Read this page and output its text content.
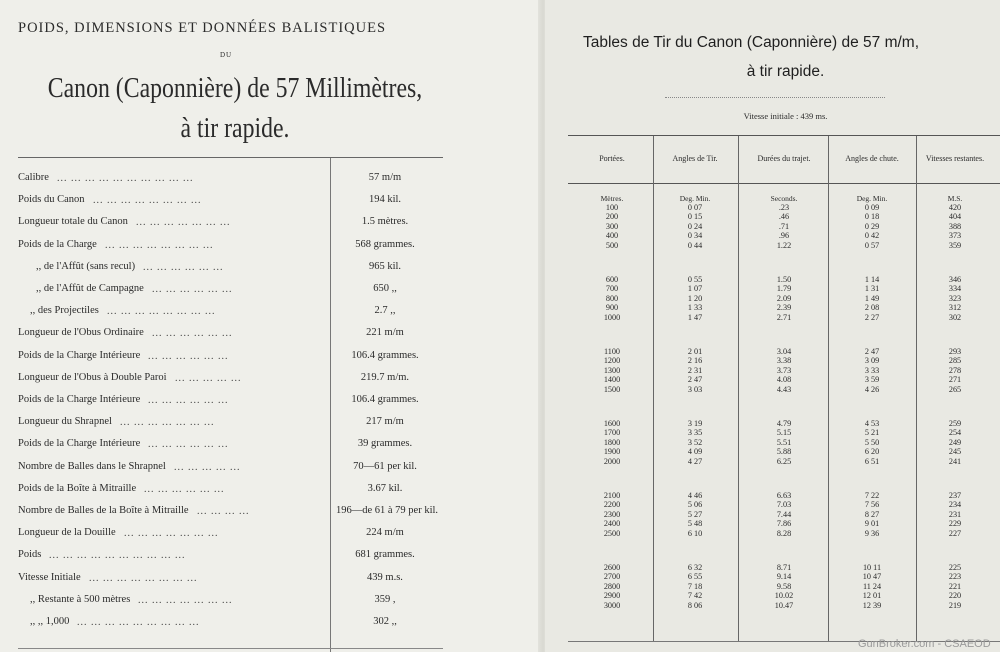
POIDS, DIMENSIONS ET DONNÉES BALISTIQUES
DU
Canon (Caponnière) de 57 Millimètres,
à tir rapide.
Calibre ... ... ... ... ... ... ... ... ... ...	57 m/m
Poids du Canon ... ... ... ... ... ... ... ...	194 kil.
Longueur totale du Canon ... ... ... ... ... ... ...	1.5 mètres.
Poids de la Charge ... ... ... ... ... ... ... ...	568 grammes.
,, de l'Affût (sans recul) ... ... ... ... ... ...	965 kil.
,, de l'Affût de Campagne ... ... ... ... ... ...	650 ,,
,, des Projectiles ... ... ... ... ... ... ... ...	2.7 ,,
Longueur de l'Obus Ordinaire ... ... ... ... ... ...	221 m/m
Poids de la Charge Intérieure ... ... ... ... ... ...	106.4 grammes.
Longueur de l'Obus à Double Paroi ... ... ... ... ...	219.7 m/m.
Poids de la Charge Intérieure ... ... ... ... ... ...	106.4 grammes.
Longueur du Shrapnel ... ... ... ... ... ... ...	217 m/m
Poids de la Charge Intérieure ... ... ... ... ... ...	39 grammes.
Nombre de Balles dans le Shrapnel ... ... ... ... ...	70—61 per kil.
Poids de la Boîte à Mitraille ... ... ... ... ... ...	3.67 kil.
Nombre de Balles de la Boîte à Mitraille ... ... ... ...	196—de 61 à 79 per kil.
Longueur de la Douille ... ... ... ... ... ... ...	224 m/m
Poids ... ... ... ... ... ... ... ... ... ...	681 grammes.
Vitesse Initiale ... ... ... ... ... ... ... ...	439 m.s.
,, Restante à 500 mètres ... ... ... ... ... ... ...	359 ,
,, ,, 1,000 ... ... ... ... ... ... ... ... ...	302 ,,
Tables de Tir du Canon (Caponnière) de 57 m/m,
à tir rapide.
Vitesse initiale : 439 ms.
Portées.	Angles de Tir.	Durées du trajet.	Angles de chute.	Vitesses restantes.
Mètres.	Deg. Min.	Seconds.	Deg. Min.	M.S.
100	0 07	.23	0 09	420
200	0 15	.46	0 18	404
300	0 24	.71	0 29	388
400	0 34	.96	0 42	373
500	0 44	1.22	0 57	359
600	0 55	1.50	1 14	346
700	1 07	1.79	1 31	334
800	1 20	2.09	1 49	323
900	1 33	2.39	2 08	312
1000	1 47	2.71	2 27	302
1100	2 01	3.04	2 47	293
1200	2 16	3.38	3 09	285
1300	2 31	3.73	3 33	278
1400	2 47	4.08	3 59	271
1500	3 03	4.43	4 26	265
1600	3 19	4.79	4 53	259
1700	3 35	5.15	5 21	254
1800	3 52	5.51	5 50	249
1900	4 09	5.88	6 20	245
2000	4 27	6.25	6 51	241
2100	4 46	6.63	7 22	237
2200	5 06	7.03	7 56	234
2300	5 27	7.44	8 27	231
2400	5 48	7.86	9 01	229
2500	6 10	8.28	9 36	227
2600	6 32	8.71	10 11	225
2700	6 55	9.14	10 47	223
2800	7 18	9.58	11 24	221
2900	7 42	10.02	12 01	220
3000	8 06	10.47	12 39	219
GunBroker.com - CSAEOD
